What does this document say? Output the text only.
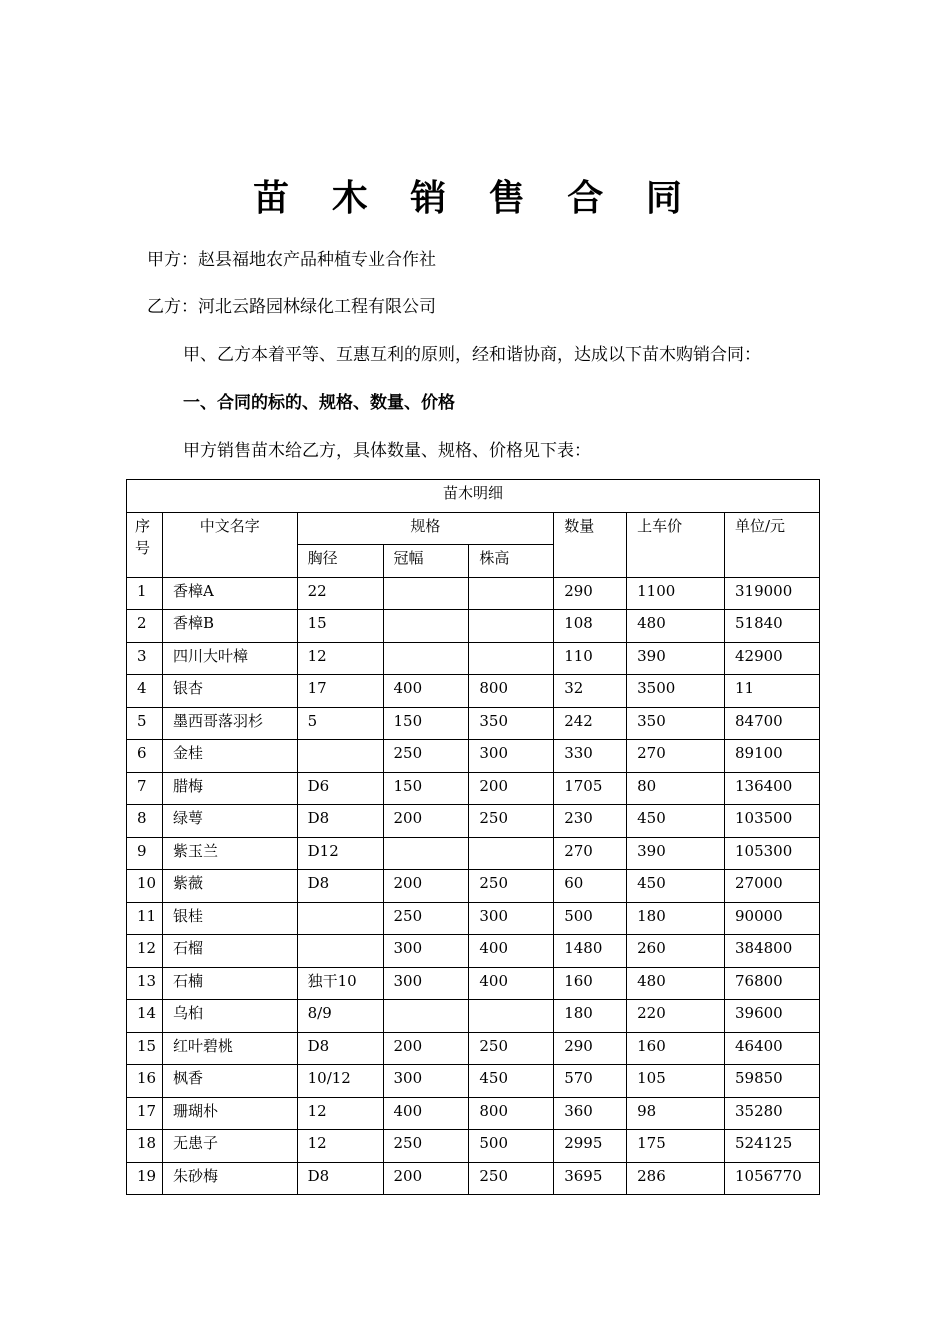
苗 木 销 售 合 同

甲方：赵县福地农产品种植专业合作社

乙方：河北云路园林绿化工程有限公司

甲、乙方本着平等、互惠互利的原则，经和谐协商，达成以下苗木购销合同：

一、合同的标的、规格、数量、价格

甲方销售苗木给乙方，具体数量、规格、价格见下表：

苗木明细							

序号	中文名字	规格			数量	上车价	单位/元
		胸径	冠幅	株高			
1	香樟A	22			290	1100	319000
2	香樟B	15			108	480	51840
3	四川大叶樟	12			110	390	42900
4	银杏	17	400	800	32	3500	11
5	墨西哥落羽杉	5	150	350	242	350	84700
6	金桂		250	300	330	270	89100
7	腊梅	D6	150	200	1705	80	136400
8	绿萼	D8	200	250	230	450	103500
9	紫玉兰	D12			270	390	105300
10	紫薇	D8	200	250	60	450	27000
11	银桂		250	300	500	180	90000
12	石榴		300	400	1480	260	384800
13	石楠	独干10	300	400	160	480	76800
14	乌桕	8/9			180	220	39600
15	红叶碧桃	D8	200	250	290	160	46400
16	枫香	10/12	300	450	570	105	59850
17	珊瑚朴	12	400	800	360	98	35280
18	无患子	12	250	500	2995	175	524125
19	朱砂梅	D8	200	250	3695	286	1056770
